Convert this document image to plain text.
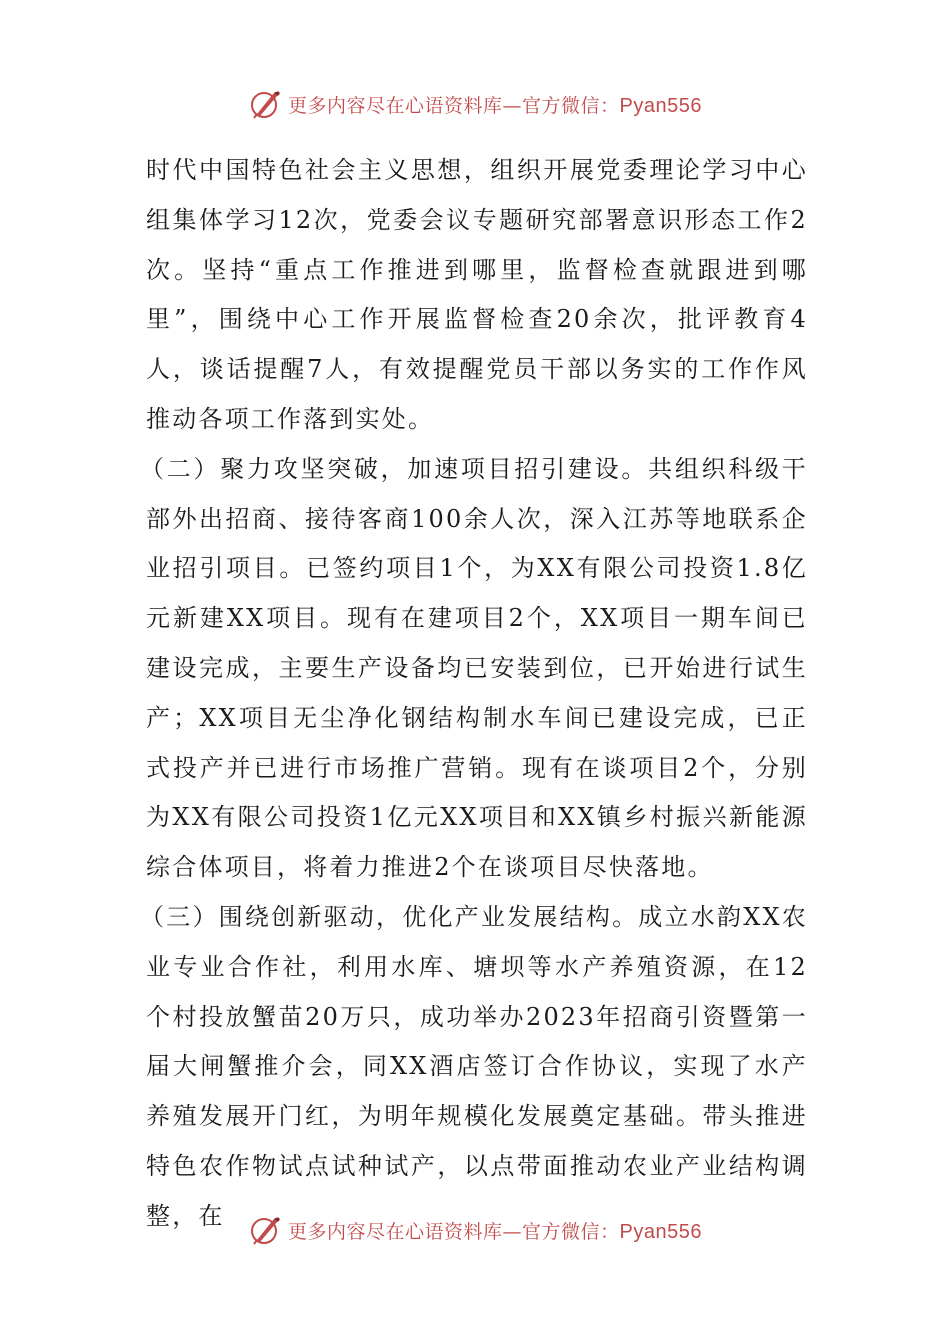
更多内容尽在心语资料库—官方微信：Pyan556

时代中国特色社会主义思想，组织开展党委理论学习中心组集体学习12次，党委会议专题研究部署意识形态工作2次。坚持“重点工作推进到哪里，监督检查就跟进到哪里”，围绕中心工作开展监督检查20余次，批评教育4人，谈话提醒7人，有效提醒党员干部以务实的工作作风推动各项工作落到实处。

（二）聚力攻坚突破，加速项目招引建设。共组织科级干部外出招商、接待客商100余人次，深入江苏等地联系企业招引项目。已签约项目1个，为XX有限公司投资1.8亿元新建XX项目。现有在建项目2个，XX项目一期车间已建设完成，主要生产设备均已安装到位，已开始进行试生产；XX项目无尘净化钢结构制水车间已建设完成，已正式投产并已进行市场推广营销。现有在谈项目2个，分别为XX有限公司投资1亿元XX项目和XX镇乡村振兴新能源综合体项目，将着力推进2个在谈项目尽快落地。

（三）围绕创新驱动，优化产业发展结构。成立水韵XX农业专业合作社，利用水库、塘坝等水产养殖资源，在12个村投放蟹苗20万只，成功举办2023年招商引资暨第一届大闸蟹推介会，同XX酒店签订合作协议，实现了水产养殖发展开门红，为明年规模化发展奠定基础。带头推进特色农作物试点试种试产，以点带面推动农业产业结构调整，在

更多内容尽在心语资料库—官方微信：Pyan556
